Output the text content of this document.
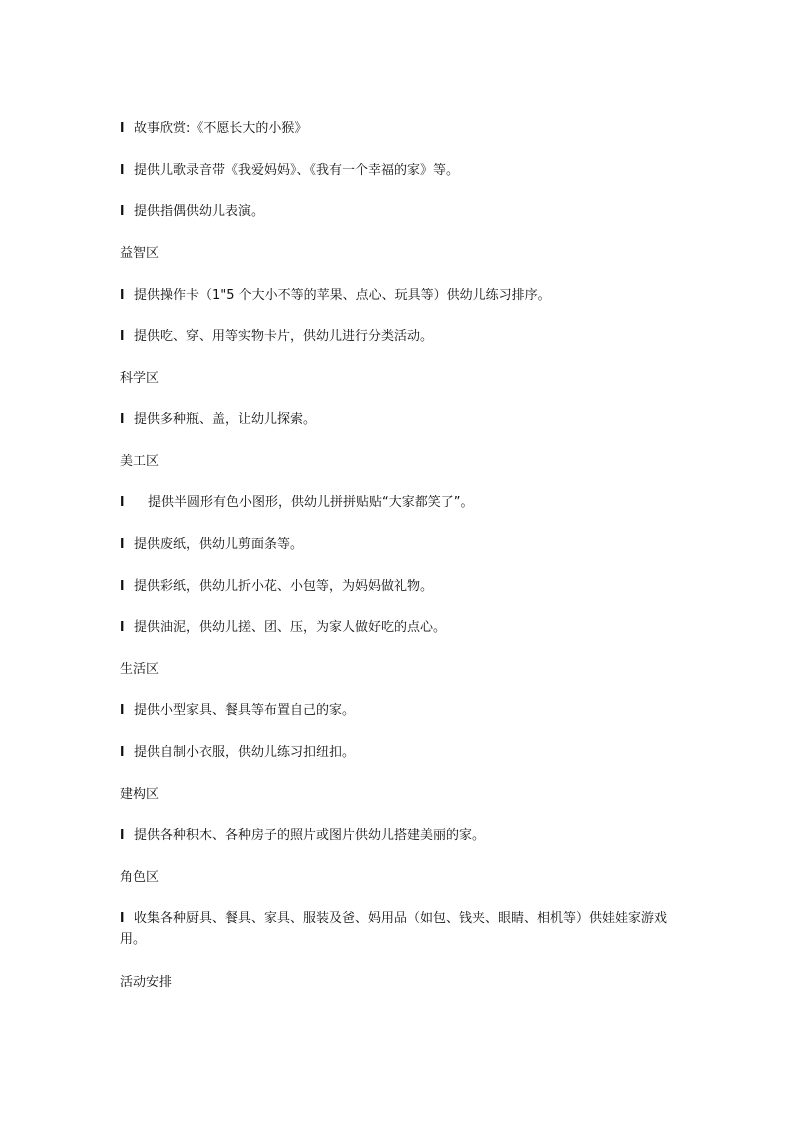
l 故事欣赏:《不愿长大的小猴》
l 提供儿歌录音带《我爱妈妈》、《我有一个幸福的家》等。
l 提供指偶供幼儿表演。
益智区
l 提供操作卡（1"5 个大小不等的苹果、点心、玩具等）供幼儿练习排序。
l 提供吃、穿、用等实物卡片，供幼儿进行分类活动。
科学区
l 提供多种瓶、盖，让幼儿探索。
美工区
l 提供半圆形有色小图形，供幼儿拼拼贴贴“大家都笑了”。
l 提供废纸，供幼儿剪面条等。
l 提供彩纸，供幼儿折小花、小包等，为妈妈做礼物。
l 提供油泥，供幼儿搓、团、压，为家人做好吃的点心。
生活区
l 提供小型家具、餐具等布置自己的家。
l 提供自制小衣服，供幼儿练习扣纽扣。
建构区
l 提供各种积木、各种房子的照片或图片供幼儿搭建美丽的家。
角色区
l 收集各种厨具、餐具、家具、服装及爸、妈用品（如包、钱夹、眼睛、相机等）供娃娃家游戏用。
活动安排
